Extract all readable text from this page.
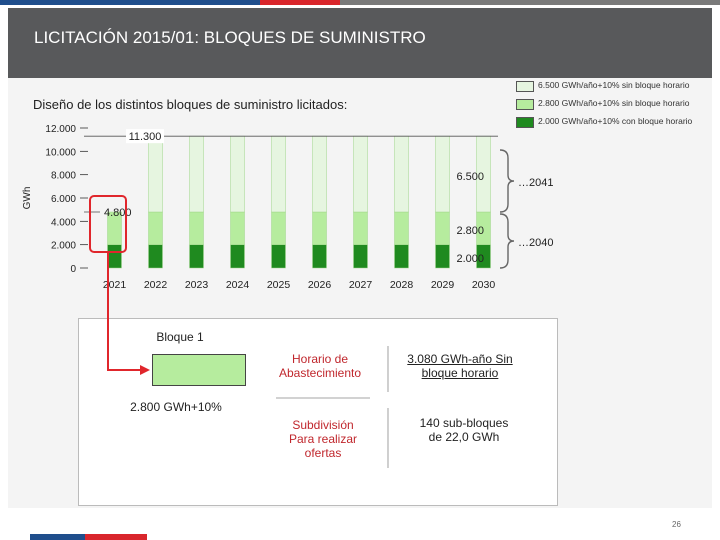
LICITACIÓN 2015/01: BLOQUES DE SUMINISTRO
Diseño de los distintos bloques de suministro licitados:
6.500 GWh/año+10% sin bloque horario
2.800 GWh/año+10% sin bloque horario
2.000 GWh/año+10% con bloque horario
0
2.000
4.000
6.000
8.000
10.000
12.000
GWh
2021 2022 2023 2024 2025 2026 2027 2028 2029 2030
11.300
4.800
6.500
2.800
2.000
…2041
…2040
Bloque 1
2.800 GWh+10%
Horario de Abastecimiento
3.080 GWh-año Sin bloque horario
Subdivisión Para realizar ofertas
140 sub-bloques de 22,0 GWh
26
